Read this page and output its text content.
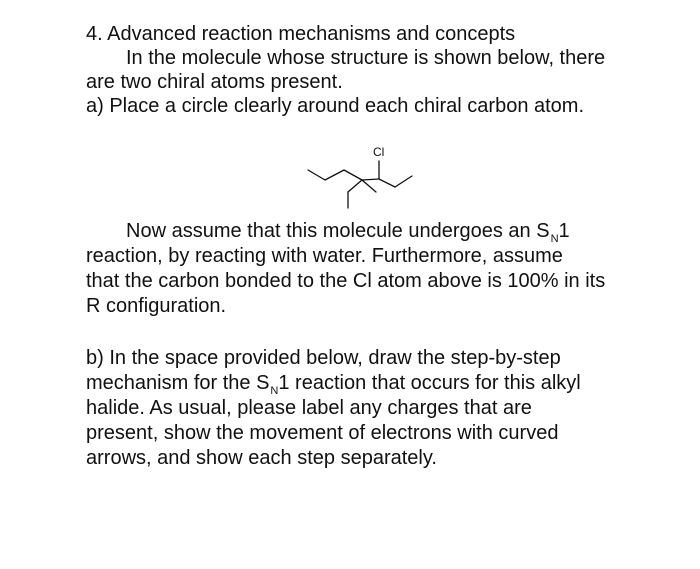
4. Advanced reaction mechanisms and concepts
In the molecule whose structure is shown below, there
are two chiral atoms present.
a) Place a circle clearly around each chiral carbon atom.
Cl
Now assume that this molecule undergoes an $S_N1$
reaction, by reacting with water. Furthermore, assume
that the carbon bonded to the Cl atom above is 100% in its
R configuration.
b) In the space provided below, draw the step-by-step
mechanism for the $S_N1$ reaction that occurs for this alkyl
halide. As usual, please label any charges that are
present, show the movement of electrons with curved
arrows, and show each step separately.
